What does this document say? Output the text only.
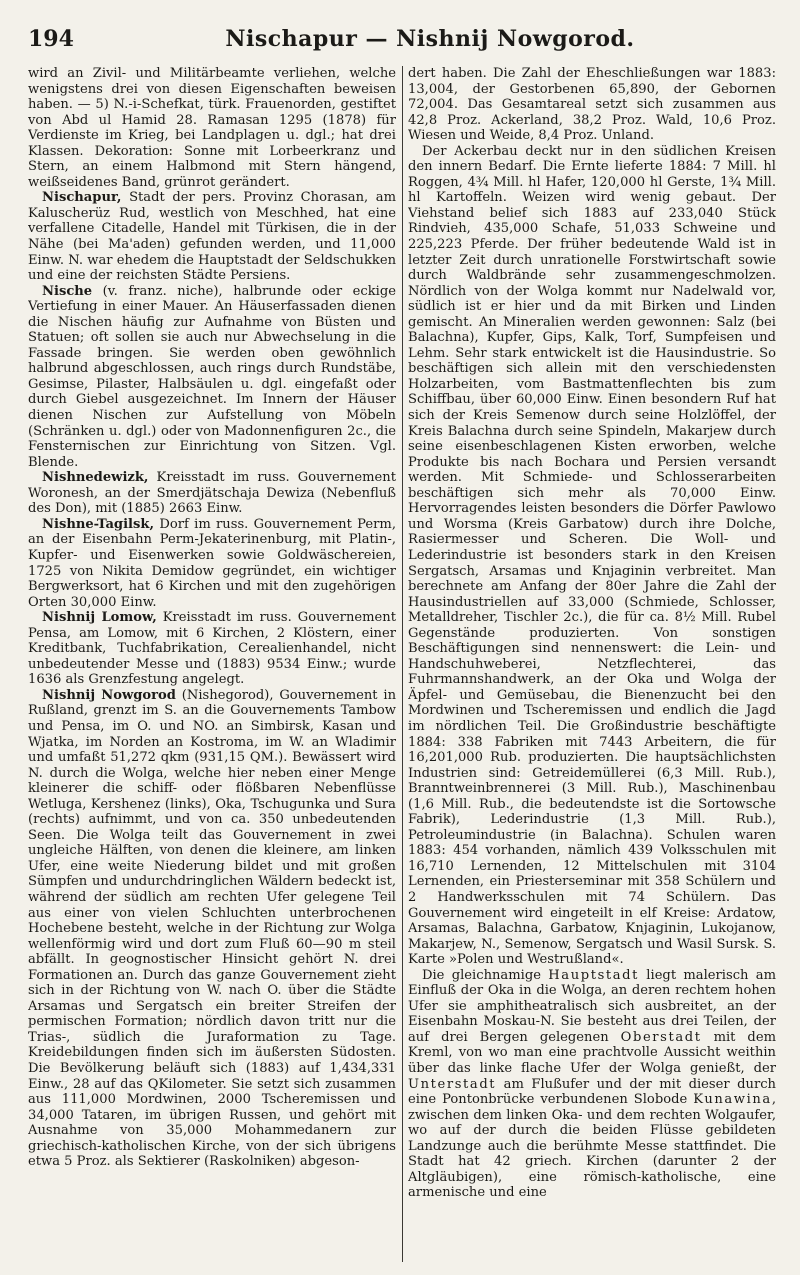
194	Nischapur — Nishnij Nowgorod.

wird an Zivil- und Militärbeamte verliehen, welche wenigstens drei von diesen Eigenschaften beweisen haben. — 5) N.-i-Schefkat, türk. Frauenorden, gestiftet von Abd ul Hamid 28. Ramasan 1295 (1878) für Verdienste im Krieg, bei Landplagen u. dgl.; hat drei Klassen. Dekoration: Sonne mit Lorbeerkranz und Stern, an einem Halbmond mit Stern hängend, weißseidenes Band, grünrot gerändert.

Nischapur, Stadt der pers. Provinz Chorasan, am Kaluscherüz Rud, westlich von Meschhed, hat eine verfallene Citadelle, Handel mit Türkisen, die in der Nähe (bei Ma'aden) gefunden werden, und 11,000 Einw. N. war ehedem die Hauptstadt der Seldschukken und eine der reichsten Städte Persiens.

Nische (v. franz. niche), halbrunde oder eckige Vertiefung in einer Mauer. An Häuserfassaden dienen die Nischen häufig zur Aufnahme von Büsten und Statuen; oft sollen sie auch nur Abwechselung in die Fassade bringen. Sie werden oben gewöhnlich halbrund abgeschlossen, auch rings durch Rundstäbe, Gesimse, Pilaster, Halbsäulen u. dgl. eingefaßt oder durch Giebel ausgezeichnet. Im Innern der Häuser dienen Nischen zur Aufstellung von Möbeln (Schränken u. dgl.) oder von Madonnenfiguren 2c., die Fensternischen zur Einrichtung von Sitzen. Vgl. Blende.

Nishnedewizk, Kreisstadt im russ. Gouvernement Woronesh, an der Smerdjätschaja Dewiza (Nebenfluß des Don), mit (1885) 2663 Einw.

Nishne-Tagilsk, Dorf im russ. Gouvernement Perm, an der Eisenbahn Perm-Jekaterinenburg, mit Platin-, Kupfer- und Eisenwerken sowie Goldwäschereien, 1725 von Nikita Demidow gegründet, ein wichtiger Bergwerksort, hat 6 Kirchen und mit den zugehörigen Orten 30,000 Einw.

Nishnij Lomow, Kreisstadt im russ. Gouvernement Pensa, am Lomow, mit 6 Kirchen, 2 Klöstern, einer Kreditbank, Tuchfabrikation, Cerealienhandel, nicht unbedeutender Messe und (1883) 9534 Einw.; wurde 1636 als Grenzfestung angelegt.

Nishnij Nowgorod (Nishegorod), Gouvernement in Rußland, grenzt im S. an die Gouvernements Tambow und Pensa, im O. und NO. an Simbirsk, Kasan und Wjatka, im Norden an Kostroma, im W. an Wladimir und umfaßt 51,272 qkm (931,15 QM.). Bewässert wird N. durch die Wolga, welche hier neben einer Menge kleinerer die schiff- oder flößbaren Nebenflüsse Wetluga, Kershenez (links), Oka, Tschugunka und Sura (rechts) aufnimmt, und von ca. 350 unbedeutenden Seen. Die Wolga teilt das Gouvernement in zwei ungleiche Hälften, von denen die kleinere, am linken Ufer, eine weite Niederung bildet und mit großen Sümpfen und undurchdringlichen Wäldern bedeckt ist, während der südlich am rechten Ufer gelegene Teil aus einer von vielen Schluchten unterbrochenen Hochebene besteht, welche in der Richtung zur Wolga wellenförmig wird und dort zum Fluß 60—90 m steil abfällt. In geognostischer Hinsicht gehört N. drei Formationen an. Durch das ganze Gouvernement zieht sich in der Richtung von W. nach O. über die Städte Arsamas und Sergatsch ein breiter Streifen der permischen Formation; nördlich davon tritt nur die Trias-, südlich die Juraformation zu Tage. Kreidebildungen finden sich im äußersten Südosten. Die Bevölkerung beläuft sich (1883) auf 1,434,331 Einw., 28 auf das QKilometer. Sie setzt sich zusammen aus 111,000 Mordwinen, 2000 Tscheremissen und 34,000 Tataren, im übrigen Russen, und gehört mit Ausnahme von 35,000 Mohammedanern zur griechisch-katholischen Kirche, von der sich übrigens etwa 5 Proz. als Sektierer (Raskolniken) abgeson-

dert haben. Die Zahl der Eheschließungen war 1883: 13,004, der Gestorbenen 65,890, der Gebornen 72,004. Das Gesamtareal setzt sich zusammen aus 42,8 Proz. Ackerland, 38,2 Proz. Wald, 10,6 Proz. Wiesen und Weide, 8,4 Proz. Unland.

Der Ackerbau deckt nur in den südlichen Kreisen den innern Bedarf. Die Ernte lieferte 1884: 7 Mill. hl Roggen, 4¾ Mill. hl Hafer, 120,000 hl Gerste, 1¾ Mill. hl Kartoffeln. Weizen wird wenig gebaut. Der Viehstand belief sich 1883 auf 233,040 Stück Rindvieh, 435,000 Schafe, 51,033 Schweine und 225,223 Pferde. Der früher bedeutende Wald ist in letzter Zeit durch unrationelle Forstwirtschaft sowie durch Waldbrände sehr zusammengeschmolzen. Nördlich von der Wolga kommt nur Nadelwald vor, südlich ist er hier und da mit Birken und Linden gemischt. An Mineralien werden gewonnen: Salz (bei Balachna), Kupfer, Gips, Kalk, Torf, Sumpfeisen und Lehm. Sehr stark entwickelt ist die Hausindustrie. So beschäftigen sich allein mit den verschiedensten Holzarbeiten, vom Bastmattenflechten bis zum Schiffbau, über 60,000 Einw. Einen besondern Ruf hat sich der Kreis Semenow durch seine Holzlöffel, der Kreis Balachna durch seine Spindeln, Makarjew durch seine eisenbeschlagenen Kisten erworben, welche Produkte bis nach Bochara und Persien versandt werden. Mit Schmiede- und Schlosserarbeiten beschäftigen sich mehr als 70,000 Einw. Hervorragendes leisten besonders die Dörfer Pawlowo und Worsma (Kreis Garbatow) durch ihre Dolche, Rasiermesser und Scheren. Die Woll- und Lederindustrie ist besonders stark in den Kreisen Sergatsch, Arsamas und Knjaginin verbreitet. Man berechnete am Anfang der 80er Jahre die Zahl der Hausindustriellen auf 33,000 (Schmiede, Schlosser, Metalldreher, Tischler 2c.), die für ca. 8½ Mill. Rubel Gegenstände produzierten. Von sonstigen Beschäftigungen sind nennenswert: die Lein- und Handschuhweberei, Netzflechterei, das Fuhrmannshandwerk, an der Oka und Wolga der Äpfel- und Gemüsebau, die Bienenzucht bei den Mordwinen und Tscheremissen und endlich die Jagd im nördlichen Teil. Die Großindustrie beschäftigte 1884: 338 Fabriken mit 7443 Arbeitern, die für 16,201,000 Rub. produzierten. Die hauptsächlichsten Industrien sind: Getreidemüllerei (6,3 Mill. Rub.), Branntweinbrennerei (3 Mill. Rub.), Maschinenbau (1,6 Mill. Rub., die bedeutendste ist die Sortowsche Fabrik), Lederindustrie (1,3 Mill. Rub.), Petroleumindustrie (in Balachna). Schulen waren 1883: 454 vorhanden, nämlich 439 Volksschulen mit 16,710 Lernenden, 12 Mittelschulen mit 3104 Lernenden, ein Priesterseminar mit 358 Schülern und 2 Handwerksschulen mit 74 Schülern. Das Gouvernement wird eingeteilt in elf Kreise: Ardatow, Arsamas, Balachna, Garbatow, Knjaginin, Lukojanow, Makarjew, N., Semenow, Sergatsch und Wasil Sursk. S. Karte »Polen und Westrußland«.

Die gleichnamige Hauptstadt liegt malerisch am Einfluß der Oka in die Wolga, an deren rechtem hohen Ufer sie amphitheatralisch sich ausbreitet, an der Eisenbahn Moskau-N. Sie besteht aus drei Teilen, der auf drei Bergen gelegenen Oberstadt mit dem Kreml, von wo man eine prachtvolle Aussicht weithin über das linke flache Ufer der Wolga genießt, der Unterstadt am Flußufer und der mit dieser durch eine Pontonbrücke verbundenen Slobode Kunawina, zwischen dem linken Oka- und dem rechten Wolgaufer, wo auf der durch die beiden Flüsse gebildeten Landzunge auch die berühmte Messe stattfindet. Die Stadt hat 42 griech. Kirchen (darunter 2 der Altgläubigen), eine römisch-katholische, eine armenische und eine
